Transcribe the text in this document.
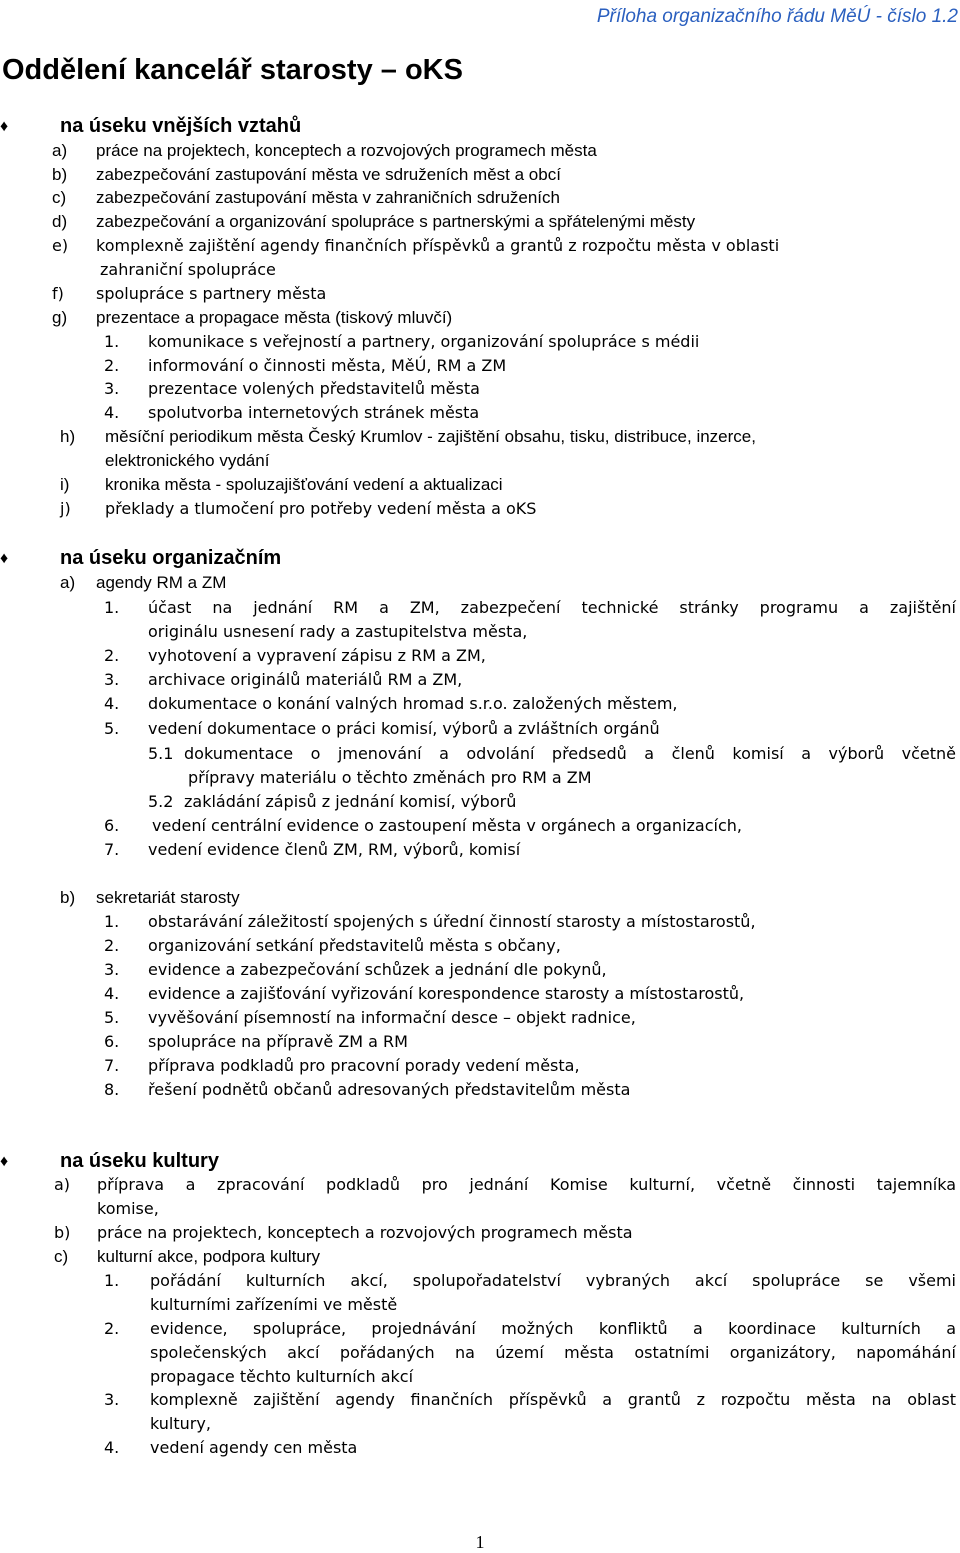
Příloha organizačního řádu MěÚ - číslo 1.2
Oddělení kancelář starosty – oKS
♦	na úseku vnějších vztahů
a) práce na projektech, konceptech a rozvojových programech města
b) zabezpečování zastupování města ve sdruženích měst a obcí
c) zabezpečování zastupování města v zahraničních sdruženích
d) zabezpečování a organizování spolupráce s partnerskými a spřátelenými městy
e) komplexně zajištění agendy finančních příspěvků a grantů z rozpočtu města v oblasti
zahraniční spolupráce
f) spolupráce s partnery města
g) prezentace a propagace města (tiskový mluvčí)
1. komunikace s veřejností a partnery, organizování spolupráce s médii
2. informování o činnosti města, MěÚ, RM a ZM
3. prezentace volených představitelů města
4. spolutvorba internetových stránek města
h) měsíční periodikum města Český Krumlov - zajištění obsahu, tisku, distribuce, inzerce,
elektronického vydání
i) kronika města - spoluzajišťování vedení a aktualizaci
j) překlady a tlumočení pro potřeby vedení města a oKS
♦	na úseku organizačním
a) agendy RM a ZM
1. účast na jednání RM a ZM, zabezpečení technické stránky programu a zajištění
originálu usnesení rady a zastupitelstva města,
2. vyhotovení a vypravení zápisu z RM a ZM,
3. archivace originálů materiálů RM a ZM,
4. dokumentace o konání valných hromad s.r.o. založených městem,
5. vedení dokumentace o práci komisí, výborů a zvláštních orgánů
5.1 dokumentace o jmenování a odvolání předsedů a členů komisí a výborů včetně
přípravy materiálu o těchto změnách pro RM a ZM
5.2 zakládání zápisů z jednání komisí, výborů
6. vedení centrální evidence o zastoupení města v orgánech a organizacích,
7. vedení evidence členů ZM, RM, výborů, komisí
b) sekretariát starosty
1. obstarávání záležitostí spojených s úřední činností starosty a místostarostů,
2. organizování setkání představitelů města s občany,
3. evidence a zabezpečování schůzek a jednání dle pokynů,
4. evidence a zajišťování vyřizování korespondence starosty a místostarostů,
5. vyvěšování písemností na informační desce – objekt radnice,
6. spolupráce na přípravě ZM a RM
7. příprava podkladů pro pracovní porady vedení města,
8. řešení podnětů občanů adresovaných představitelům města
♦	na úseku kultury
a) příprava a zpracování podkladů pro jednání Komise kulturní, včetně činnosti tajemníka
komise,
b) práce na projektech, konceptech a rozvojových programech města
c) kulturní akce, podpora kultury
1. pořádání kulturních akcí, spolupořadatelství vybraných akcí spolupráce se všemi
kulturními zařízeními ve městě
2. evidence, spolupráce, projednávání možných konfliktů a koordinace kulturních a
společenských akcí pořádaných na území města ostatními organizátory, napomáhání
propagace těchto kulturních akcí
3. komplexně zajištění agendy finančních příspěvků a grantů z rozpočtu města na oblast
kultury,
4. vedení agendy cen města
1
